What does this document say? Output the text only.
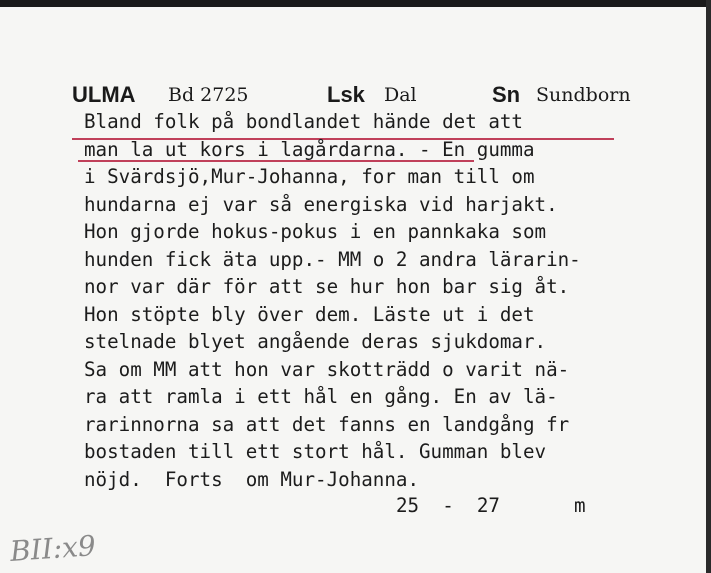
ULMA Bd 2725	Lsk Dal	Sn Sundborn
Bland folk på bondlandet hände det att
man la ut kors i lagårdarna. - En gumma
i Svärdsjö,Mur-Johanna, for man till om
hundarna ej var så energiska vid harjakt.
Hon gjorde hokus-pokus i en pannkaka som
hunden fick äta upp.- MM o 2 andra lärarin-
nor var där för att se hur hon bar sig åt.
Hon stöpte bly över dem. Läste ut i det
stelnade blyet angående deras sjukdomar.
Sa om MM att hon var skotträdd o varit nä-
ra att ramla i ett hål en gång. En av lä-
rarinnorna sa att det fanns en landgång fr
bostaden till ett stort hål. Gumman blev
nöjd.  Forts  om Mur-Johanna.
25  -  27	m
BII:x9
